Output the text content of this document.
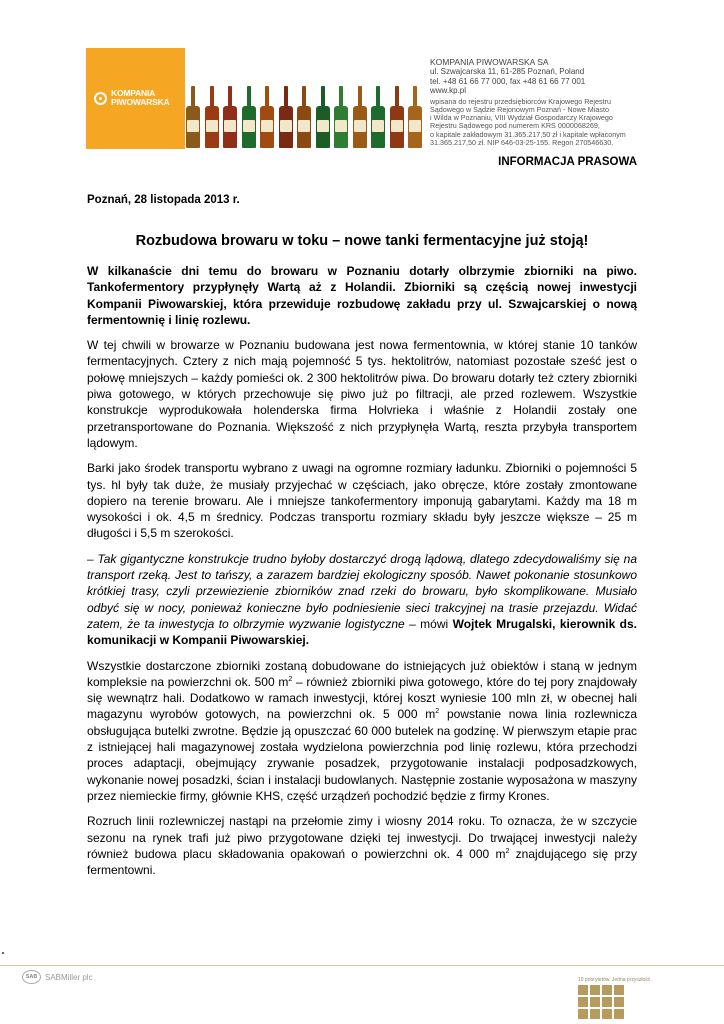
KOMPANIA
PIWOWARSKA
KOMPANIA PIWOWARSKA SA
ul. Szwajcarska 11, 61-285 Poznań, Poland
tel. +48 61 66 77 000, fax +48 61 66 77 001
www.kp.pl
wpisana do rejestru przedsiębiorców Krajowego Rejestru
Sądowego w Sądzie Rejonowym Poznań - Nowe Miasto
i Wilda w Poznaniu, VIII Wydział Gospodarczy Krajowego
Rejestru Sądowego pod numerem KRS 0000068269,
o kapitale zakładowym 31.365.217,50 zł i kapitale wpłaconym
31.365.217,50 zł. NIP 646-03-25-155. Regon 270546630.
INFORMACJA PRASOWA
Poznań, 28 listopada 2013 r.
Rozbudowa browaru w toku – nowe tanki fermentacyjne już stoją!

W kilkanaście dni temu do browaru w Poznaniu dotarły olbrzymie zbiorniki na piwo. Tankofermentory przypłynęły Wartą aż z Holandii. Zbiorniki są częścią nowej inwestycji Kompanii Piwowarskiej, która przewiduje rozbudowę zakładu przy ul. Szwajcarskiej o nową fermentownię i linię rozlewu.

W tej chwili w browarze w Poznaniu budowana jest nowa fermentownia, w której stanie 10 tanków fermentacyjnych. Cztery z nich mają pojemność 5 tys. hektolitrów, natomiast pozostałe sześć jest o połowę mniejszych – każdy pomieści ok. 2 300 hektolitrów piwa. Do browaru dotarły też cztery zbiorniki piwa gotowego, w których przechowuje się piwo już po filtracji, ale przed rozlewem. Wszystkie konstrukcje wyprodukowała holenderska firma Holvrieka i właśnie z Holandii zostały one przetransportowane do Poznania. Większość z nich przypłynęła Wartą, reszta przybyła transportem lądowym.

Barki jako środek transportu wybrano z uwagi na ogromne rozmiary ładunku. Zbiorniki o pojemności 5 tys. hl były tak duże, że musiały przyjechać w częściach, jako obręcze, które zostały zmontowane dopiero na terenie browaru. Ale i mniejsze tankofermentory imponują gabarytami. Każdy ma 18 m wysokości i ok. 4,5 m średnicy. Podczas transportu rozmiary składu były jeszcze większe – 25 m długości i 5,5 m szerokości.

– Tak gigantyczne konstrukcje trudno byłoby dostarczyć drogą lądową, dlatego zdecydowaliśmy się na transport rzeką. Jest to tańszy, a zarazem bardziej ekologiczny sposób. Nawet pokonanie stosunkowo krótkiej trasy, czyli przewiezienie zbiorników znad rzeki do browaru, było skomplikowane. Musiało odbyć się w nocy, ponieważ konieczne było podniesienie sieci trakcyjnej na trasie przejazdu. Widać zatem, że ta inwestycja to olbrzymie wyzwanie logistyczne – mówi Wojtek Mrugalski, kierownik ds. komunikacji w Kompanii Piwowarskiej.

Wszystkie dostarczone zbiorniki zostaną dobudowane do istniejących już obiektów i staną w jednym kompleksie na powierzchni ok. 500 $m^2$ – również zbiorniki piwa gotowego, które do tej pory znajdowały się wewnątrz hali. Dodatkowo w ramach inwestycji, której koszt wyniesie 100 mln zł, w obecnej hali magazynu wyrobów gotowych, na powierzchni ok. 5 000 $m^2$ powstanie nowa linia rozlewnicza obsługująca butelki zwrotne. Będzie ją opuszczać 60 000 butelek na godzinę. W pierwszym etapie prac z istniejącej hali magazynowej została wydzielona powierzchnia pod linię rozlewu, która przechodzi proces adaptacji, obejmujący zrywanie posadzek, przygotowanie instalacji podposadzkowych, wykonanie nowej posadzki, ścian i instalacji budowlanych. Następnie zostanie wyposażona w maszyny przez niemieckie firmy, głównie KHS, część urządzeń pochodzić będzie z firmy Krones.

Rozruch linii rozlewniczej nastąpi na przełomie zimy i wiosny 2014 roku. To oznacza, że w szczycie sezonu na rynek trafi już piwo przygotowane dzięki tej inwestycji. Do trwającej inwestycji należy również budowa placu składowania opakowań o powierzchni ok. 4 000 $m^2$ znajdującego się przy fermentowni.

SAB SABMiller plc	10 priorytetów. Jedna przyszłość
